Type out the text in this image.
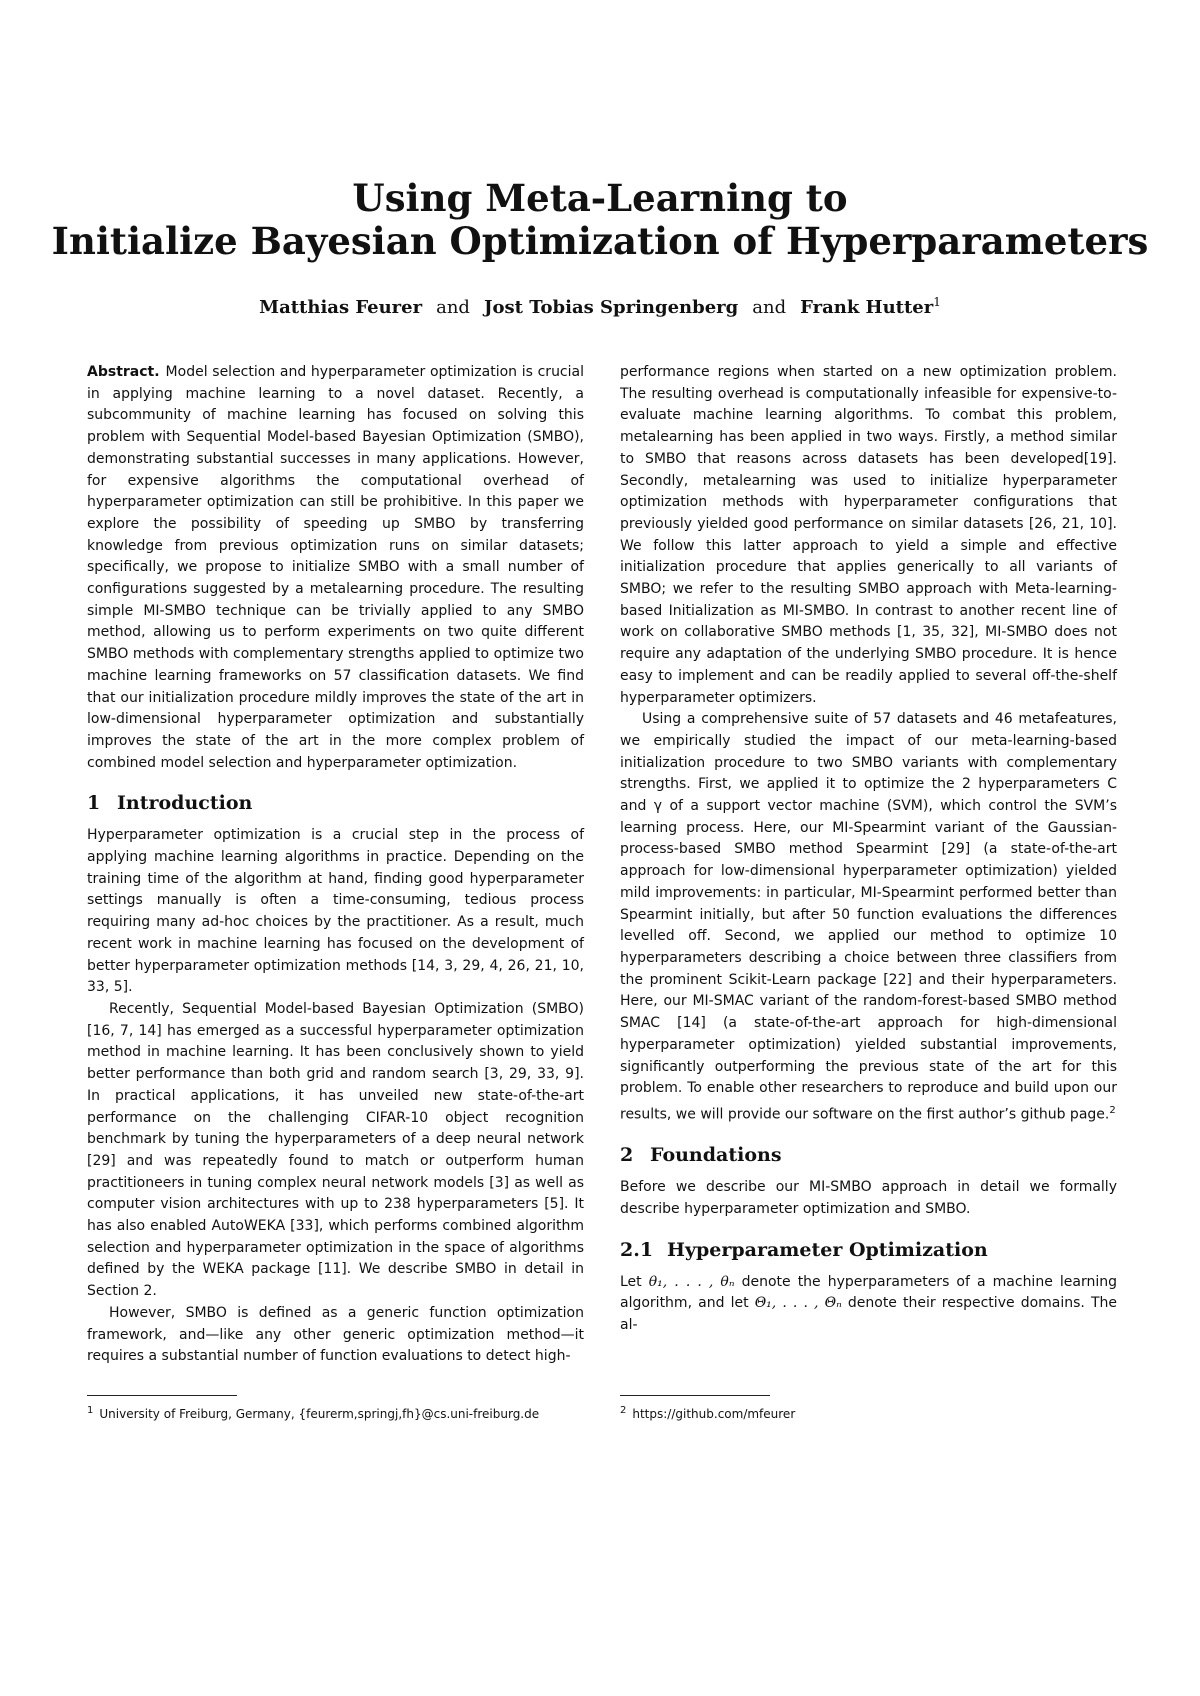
Using Meta-Learning to
Initialize Bayesian Optimization of Hyperparameters
Matthias Feurer and Jost Tobias Springenberg and Frank Hutter$^1$

Abstract. Model selection and hyperparameter optimization is crucial in applying machine learning to a novel dataset. Recently, a subcommunity of machine learning has focused on solving this problem with Sequential Model-based Bayesian Optimization (SMBO), demonstrating substantial successes in many applications. However, for expensive algorithms the computational overhead of hyperparameter optimization can still be prohibitive. In this paper we explore the possibility of speeding up SMBO by transferring knowledge from previous optimization runs on similar datasets; specifically, we propose to initialize SMBO with a small number of configurations suggested by a metalearning procedure. The resulting simple MI-SMBO technique can be trivially applied to any SMBO method, allowing us to perform experiments on two quite different SMBO methods with complementary strengths applied to optimize two machine learning frameworks on 57 classification datasets. We find that our initialization procedure mildly improves the state of the art in low-dimensional hyperparameter optimization and substantially improves the state of the art in the more complex problem of combined model selection and hyperparameter optimization.

1 Introduction

Hyperparameter optimization is a crucial step in the process of applying machine learning algorithms in practice. Depending on the training time of the algorithm at hand, finding good hyperparameter settings manually is often a time-consuming, tedious process requiring many ad-hoc choices by the practitioner. As a result, much recent work in machine learning has focused on the development of better hyperparameter optimization methods [14, 3, 29, 4, 26, 21, 10, 33, 5].

Recently, Sequential Model-based Bayesian Optimization (SMBO) [16, 7, 14] has emerged as a successful hyperparameter optimization method in machine learning. It has been conclusively shown to yield better performance than both grid and random search [3, 29, 33, 9]. In practical applications, it has unveiled new state-of-the-art performance on the challenging CIFAR-10 object recognition benchmark by tuning the hyperparameters of a deep neural network [29] and was repeatedly found to match or outperform human practitioneers in tuning complex neural network models [3] as well as computer vision architectures with up to 238 hyperparameters [5]. It has also enabled AutoWEKA [33], which performs combined algorithm selection and hyperparameter optimization in the space of algorithms defined by the WEKA package [11]. We describe SMBO in detail in Section 2.

However, SMBO is defined as a generic function optimization framework, and—like any other generic optimization method—it requires a substantial number of function evaluations to detect high-

performance regions when started on a new optimization problem. The resulting overhead is computationally infeasible for expensive-to-evaluate machine learning algorithms. To combat this problem, metalearning has been applied in two ways. Firstly, a method similar to SMBO that reasons across datasets has been developed[19]. Secondly, metalearning was used to initialize hyperparameter optimization methods with hyperparameter configurations that previously yielded good performance on similar datasets [26, 21, 10]. We follow this latter approach to yield a simple and effective initialization procedure that applies generically to all variants of SMBO; we refer to the resulting SMBO approach with Meta-learning-based Initialization as MI-SMBO. In contrast to another recent line of work on collaborative SMBO methods [1, 35, 32], MI-SMBO does not require any adaptation of the underlying SMBO procedure. It is hence easy to implement and can be readily applied to several off-the-shelf hyperparameter optimizers.

Using a comprehensive suite of 57 datasets and 46 metafeatures, we empirically studied the impact of our meta-learning-based initialization procedure to two SMBO variants with complementary strengths. First, we applied it to optimize the 2 hyperparameters C and γ of a support vector machine (SVM), which control the SVM’s learning process. Here, our MI-Spearmint variant of the Gaussian-process-based SMBO method Spearmint [29] (a state-of-the-art approach for low-dimensional hyperparameter optimization) yielded mild improvements: in particular, MI-Spearmint performed better than Spearmint initially, but after 50 function evaluations the differences levelled off. Second, we applied our method to optimize 10 hyperparameters describing a choice between three classifiers from the prominent Scikit-Learn package [22] and their hyperparameters. Here, our MI-SMAC variant of the random-forest-based SMBO method SMAC [14] (a state-of-the-art approach for high-dimensional hyperparameter optimization) yielded substantial improvements, significantly outperforming the previous state of the art for this problem. To enable other researchers to reproduce and build upon our results, we will provide our software on the first author’s github page.$^2$

2 Foundations

Before we describe our MI-SMBO approach in detail we formally describe hyperparameter optimization and SMBO.

2.1 Hyperparameter Optimization

Let θ₁, . . . , θₙ denote the hyperparameters of a machine learning algorithm, and let Θ₁, . . . , Θₙ denote their respective domains. The al-

$^1$ University of Freiburg, Germany, {feurerm,springj,fh}@cs.uni-freiburg.de	$^2$ https://github.com/mfeurer
